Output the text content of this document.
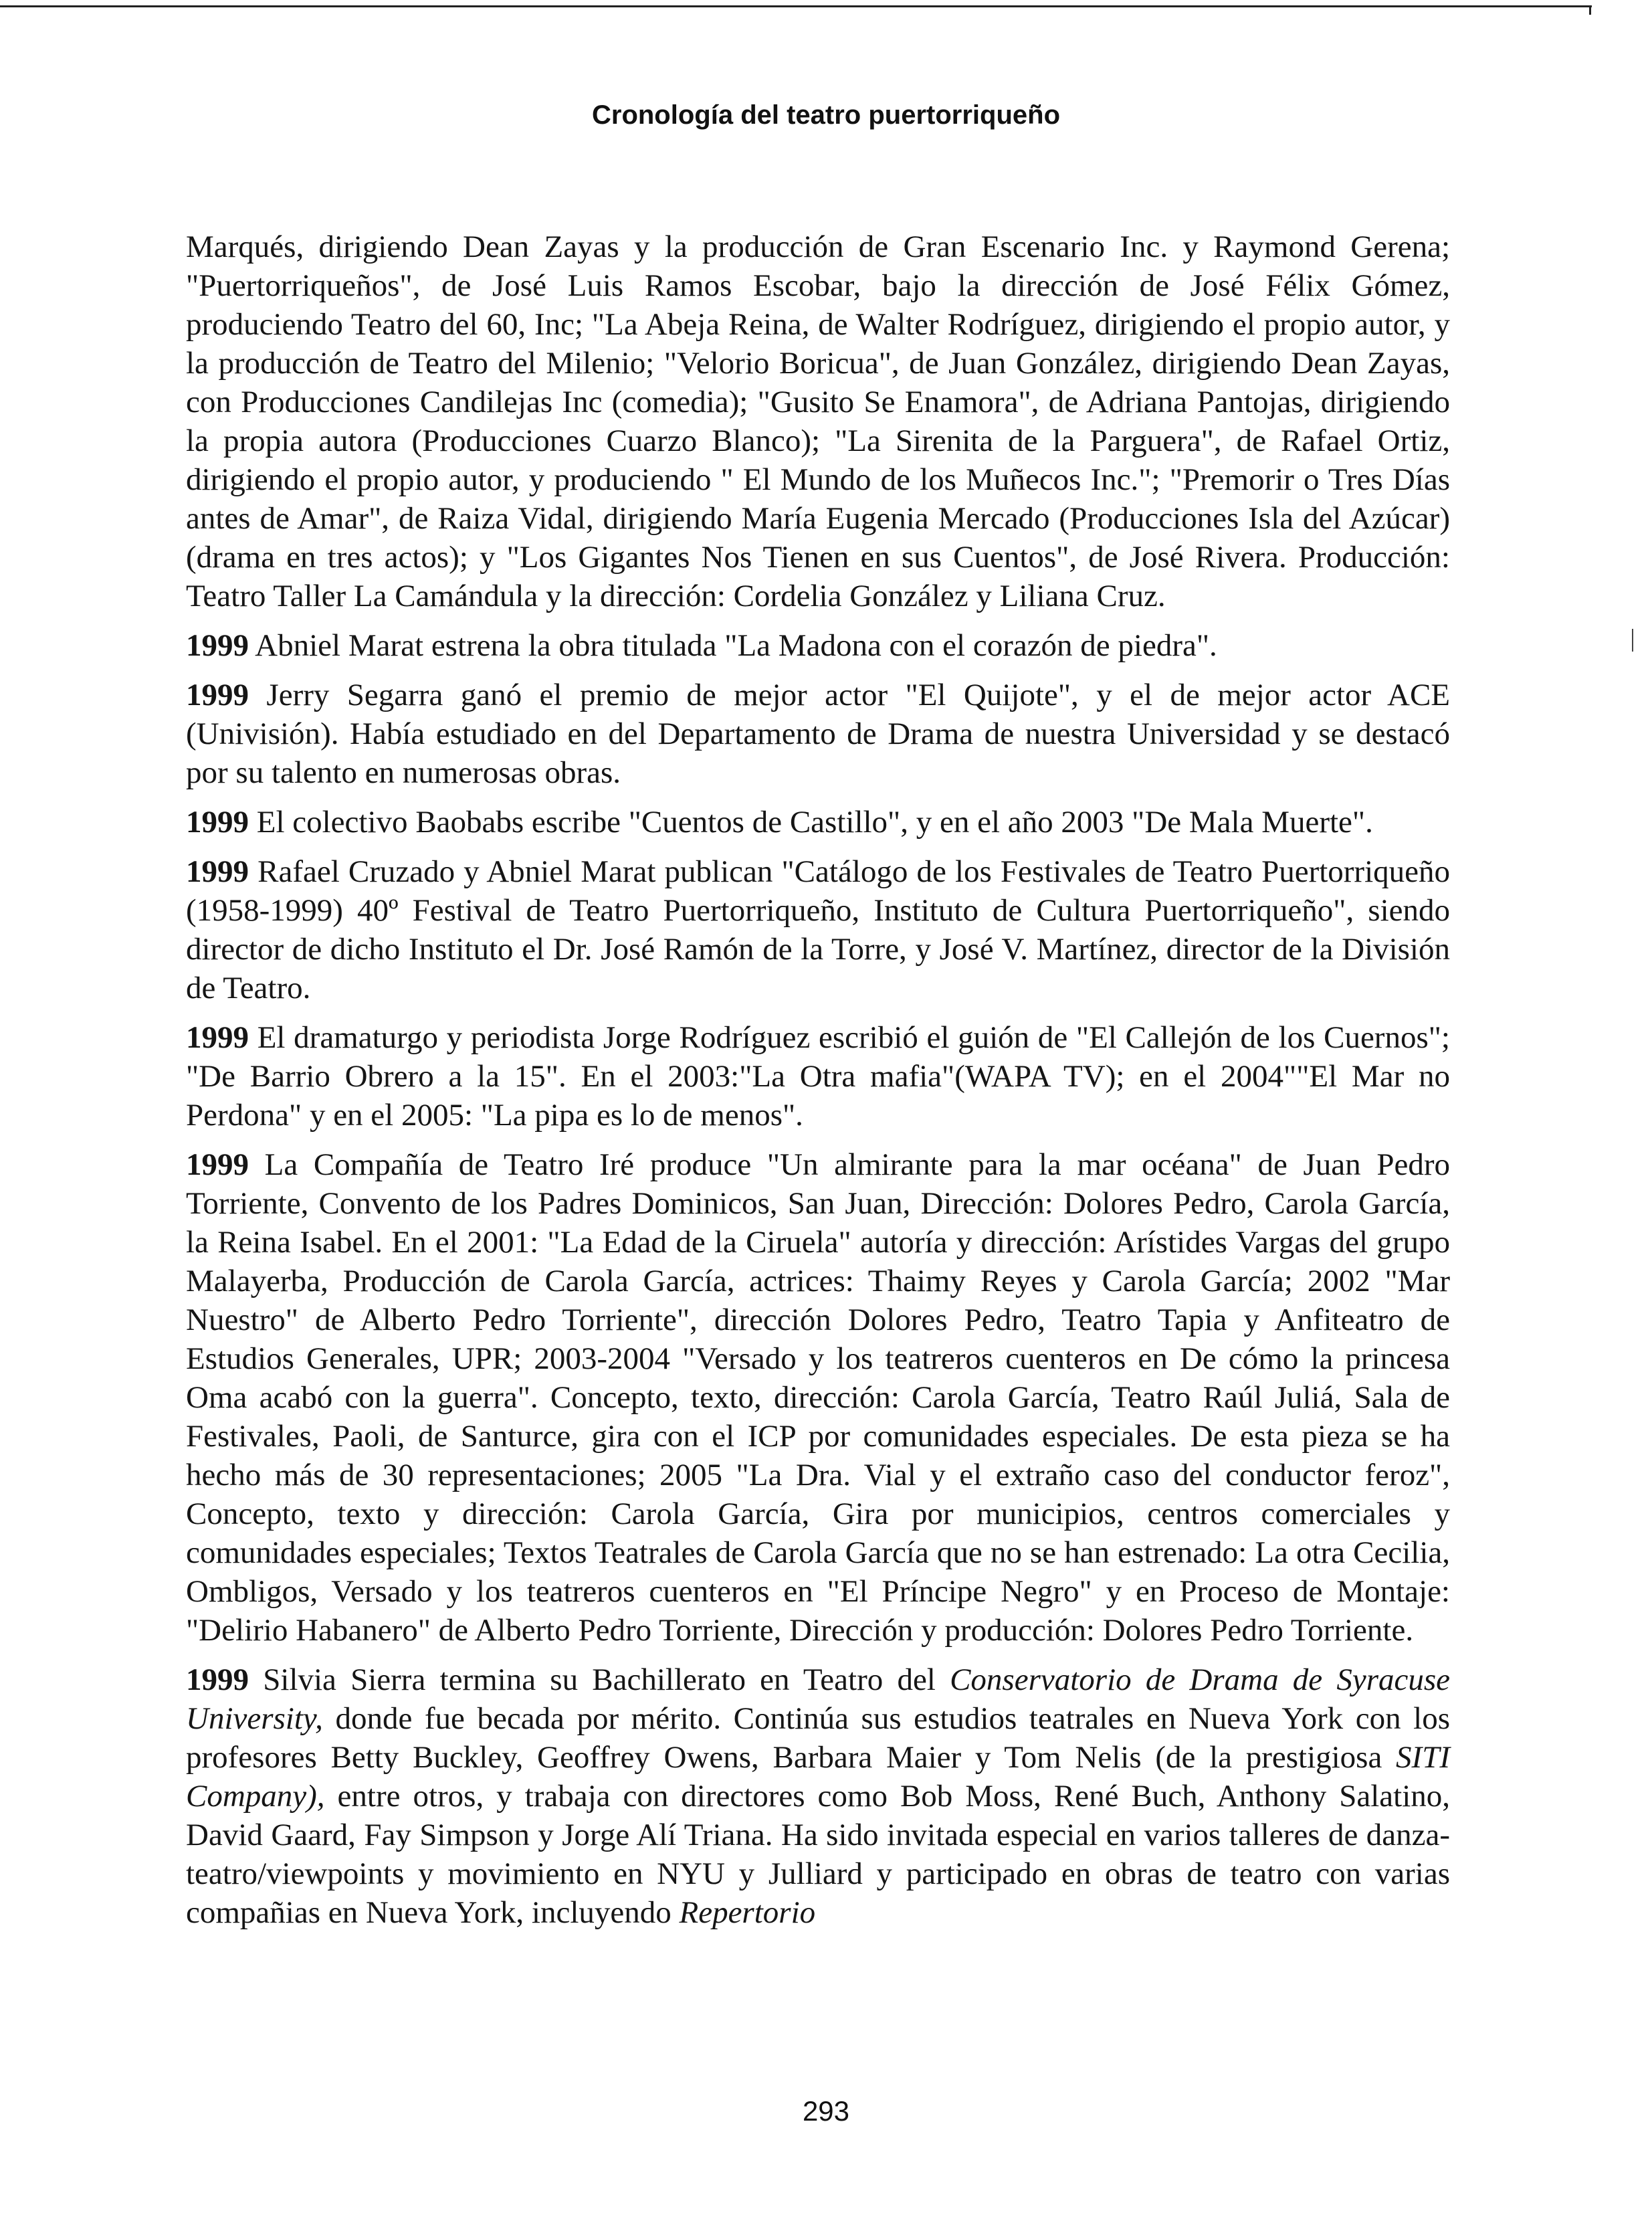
Cronología del teatro puertorriqueño

Marqués, dirigiendo Dean Zayas y la producción de Gran Escenario Inc. y Raymond Gerena; "Puertorriqueños", de José Luis Ramos Escobar, bajo la dirección de José Félix Gómez, produciendo Teatro del 60, Inc; "La Abeja Reina, de Walter Rodríguez, dirigiendo el propio autor, y la producción de Teatro del Milenio; "Velorio Boricua", de Juan González, dirigiendo Dean Zayas, con Producciones Candilejas Inc (comedia); "Gusito Se Enamora", de Adriana Pantojas, dirigiendo la propia autora (Producciones Cuarzo Blanco); "La Sirenita de la Parguera", de Rafael Ortiz, dirigiendo el propio autor, y produciendo " El Mundo de los Muñecos Inc."; "Premorir o Tres Días antes de Amar", de Raiza Vidal, dirigiendo María Eugenia Mercado (Producciones Isla del Azúcar) (drama en tres actos); y "Los Gigantes Nos Tienen en sus Cuentos", de José Rivera. Producción: Teatro Taller La Camándula y la dirección: Cordelia González y Liliana Cruz.

1999 Abniel Marat estrena la obra titulada "La Madona con el corazón de piedra".

1999 Jerry Segarra ganó el premio de mejor actor "El Quijote", y el de mejor actor ACE (Univisión). Había estudiado en del Departamento de Drama de nuestra Universidad y se destacó por su talento en numerosas obras.

1999 El colectivo Baobabs escribe "Cuentos de Castillo", y en el año 2003 "De Mala Muerte".

1999 Rafael Cruzado y Abniel Marat publican "Catálogo de los Festivales de Teatro Puertorriqueño (1958-1999) 40º Festival de Teatro Puertorriqueño, Instituto de Cultura Puertorriqueño", siendo director de dicho Instituto el Dr. José Ramón de la Torre, y José V. Martínez, director de la División de Teatro.

1999 El dramaturgo y periodista Jorge Rodríguez escribió el guión de "El Callejón de los Cuernos"; "De Barrio Obrero a la 15". En el 2003:"La Otra mafia"(WAPA TV); en el 2004""El Mar no Perdona" y en el 2005: "La pipa es lo de menos".

1999 La Compañía de Teatro Iré produce "Un almirante para la mar océana" de Juan Pedro Torriente, Convento de los Padres Dominicos, San Juan, Dirección: Dolores Pedro, Carola García, la Reina Isabel. En el 2001: "La Edad de la Ciruela" autoría y dirección: Arístides Vargas del grupo Malayerba, Producción de Carola García, actrices: Thaimy Reyes y Carola García; 2002 "Mar Nuestro" de Alberto Pedro Torriente", dirección Dolores Pedro, Teatro Tapia y Anfiteatro de Estudios Generales, UPR; 2003-2004 "Versado y los teatreros cuenteros en De cómo la princesa Oma acabó con la guerra". Concepto, texto, dirección: Carola García, Teatro Raúl Juliá, Sala de Festivales, Paoli, de Santurce, gira con el ICP por comunidades especiales. De esta pieza se ha hecho más de 30 representaciones; 2005 "La Dra. Vial y el extraño caso del conductor feroz", Concepto, texto y dirección: Carola García, Gira por municipios, centros comerciales y comunidades especiales; Textos Teatrales de Carola García que no se han estrenado: La otra Cecilia, Ombligos, Versado y los teatreros cuenteros en "El Príncipe Negro" y en Proceso de Montaje: "Delirio Habanero" de Alberto Pedro Torriente, Dirección y producción: Dolores Pedro Torriente.

1999 Silvia Sierra termina su Bachillerato en Teatro del Conservatorio de Drama de Syracuse University, donde fue becada por mérito. Continúa sus estudios teatrales en Nueva York con los profesores Betty Buckley, Geoffrey Owens, Barbara Maier y Tom Nelis (de la prestigiosa SITI Company), entre otros, y trabaja con directores como Bob Moss, René Buch, Anthony Salatino, David Gaard, Fay Simpson y Jorge Alí Triana. Ha sido invitada especial en varios talleres de danza-teatro/viewpoints y movimiento en NYU y Julliard y participado en obras de teatro con varias compañias en Nueva York, incluyendo Repertorio

293
